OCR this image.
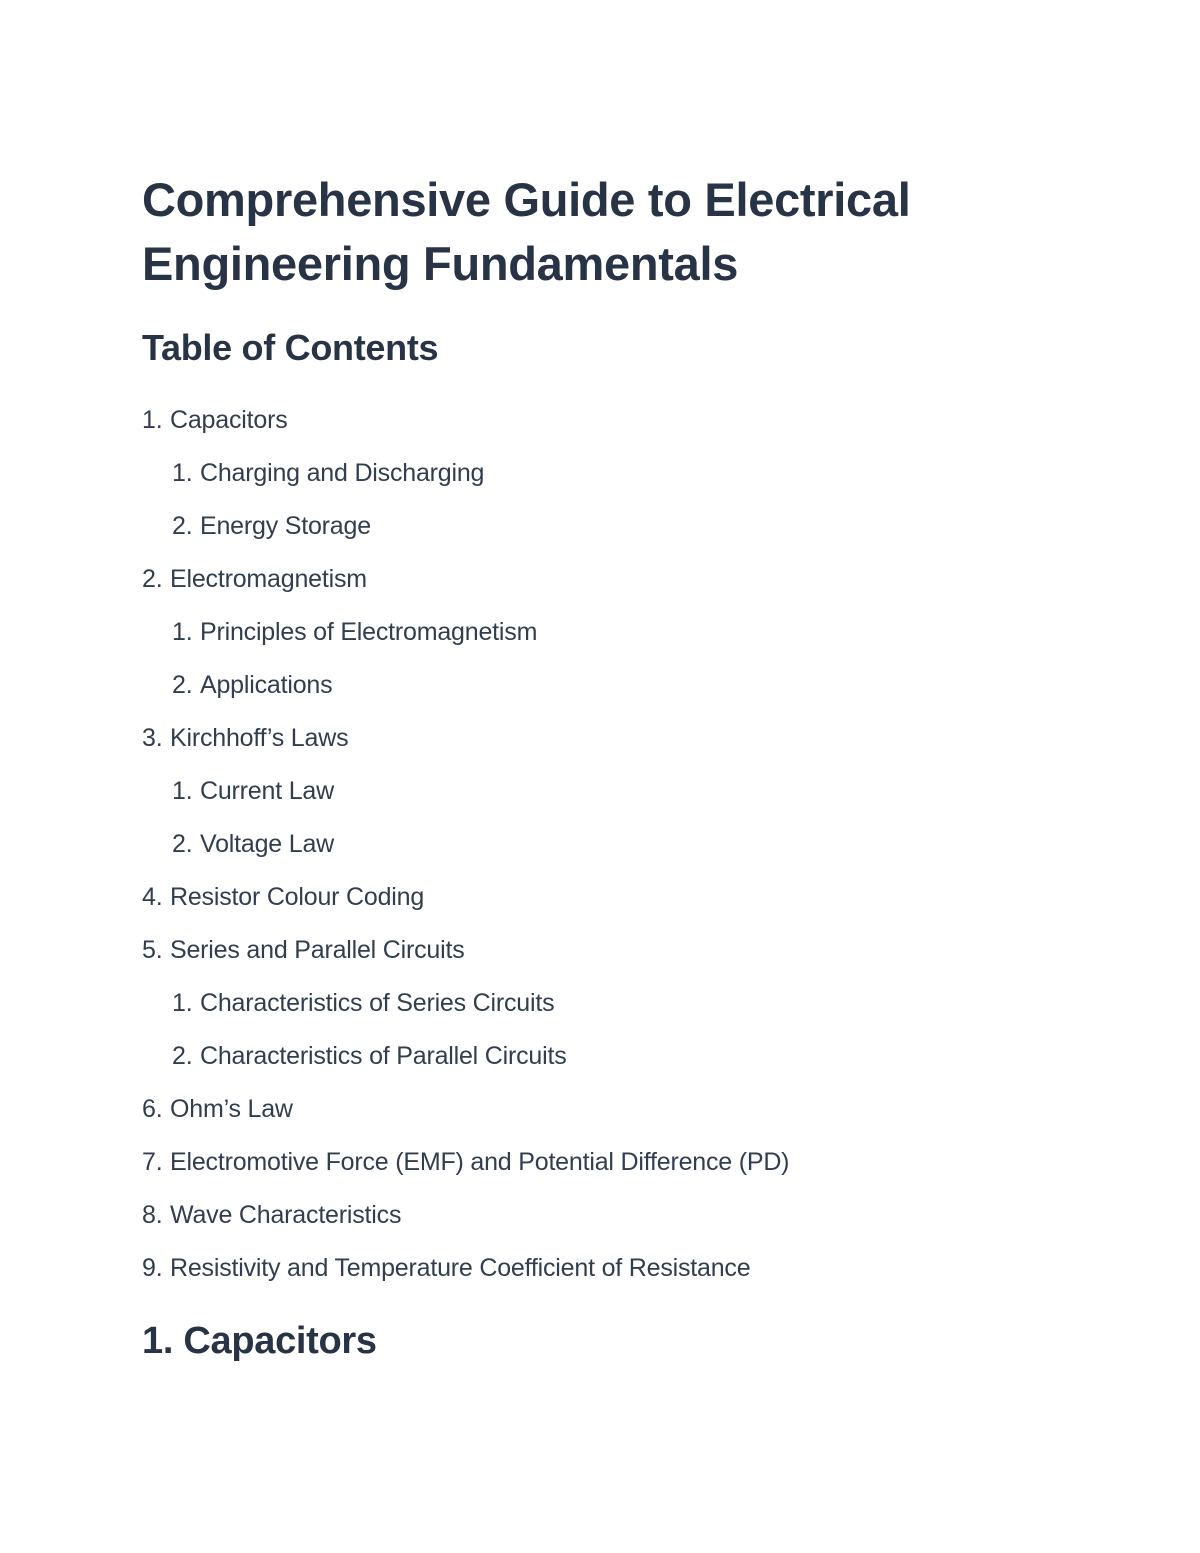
Comprehensive Guide to Electrical Engineering Fundamentals
Table of Contents
1. Capacitors
1. Charging and Discharging
2. Energy Storage
2. Electromagnetism
1. Principles of Electromagnetism
2. Applications
3. Kirchhoff’s Laws
1. Current Law
2. Voltage Law
4. Resistor Colour Coding
5. Series and Parallel Circuits
1. Characteristics of Series Circuits
2. Characteristics of Parallel Circuits
6. Ohm’s Law
7. Electromotive Force (EMF) and Potential Difference (PD)
8. Wave Characteristics
9. Resistivity and Temperature Coefficient of Resistance
1. Capacitors
